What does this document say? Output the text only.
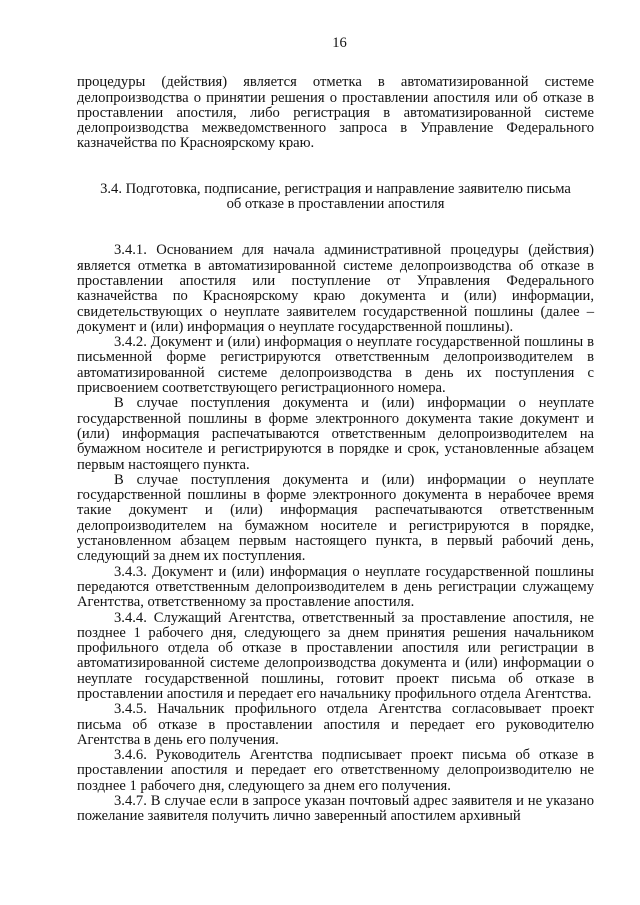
16

процедуры (действия) является отметка в автоматизированной системе делопроизводства о принятии решения о проставлении апостиля или об отказе в проставлении апостиля, либо регистрация в автоматизированной системе делопроизводства межведомственного запроса в Управление Федерального казначейства по Красноярскому краю.

3.4. Подготовка, подписание, регистрация и направление заявителю письма
об отказе в проставлении апостиля

3.4.1. Основанием для начала административной процедуры (действия) является отметка в автоматизированной системе делопроизводства об отказе в проставлении апостиля или поступление от Управления Федерального казначейства по Красноярскому краю документа и (или) информации, свидетельствующих о неуплате заявителем государственной пошлины (далее – документ и (или) информация о неуплате государственной пошлины).

3.4.2. Документ и (или) информация о неуплате государственной пошлины в письменной форме регистрируются ответственным делопроизводителем в автоматизированной системе делопроизводства в день их поступления с присвоением соответствующего регистрационного номера.

В случае поступления документа и (или) информации о неуплате государственной пошлины в форме электронного документа такие документ и (или) информация распечатываются ответственным делопроизводителем на бумажном носителе и регистрируются в порядке и срок, установленные абзацем первым настоящего пункта.

В случае поступления документа и (или) информации о неуплате государственной пошлины в форме электронного документа в нерабочее время такие документ и (или) информация распечатываются ответственным делопроизводителем на бумажном носителе и регистрируются в порядке, установленном абзацем первым настоящего пункта, в первый рабочий день, следующий за днем их поступления.

3.4.3. Документ и (или) информация о неуплате государственной пошлины передаются ответственным делопроизводителем в день регистрации служащему Агентства, ответственному за проставление апостиля.

3.4.4. Служащий Агентства, ответственный за проставление апостиля, не позднее 1 рабочего дня, следующего за днем принятия решения начальником профильного отдела об отказе в проставлении апостиля или регистрации в автоматизированной системе делопроизводства документа и (или) информации о неуплате государственной пошлины, готовит проект письма об отказе в проставлении апостиля и передает его начальнику профильного отдела Агентства.

3.4.5. Начальник профильного отдела Агентства согласовывает проект письма об отказе в проставлении апостиля и передает его руководителю Агентства в день его получения.

3.4.6. Руководитель Агентства подписывает проект письма об отказе в проставлении апостиля и передает его ответственному делопроизводителю не позднее 1 рабочего дня, следующего за днем его получения.

3.4.7. В случае если в запросе указан почтовый адрес заявителя и не указано пожелание заявителя получить лично заверенный апостилем архивный
